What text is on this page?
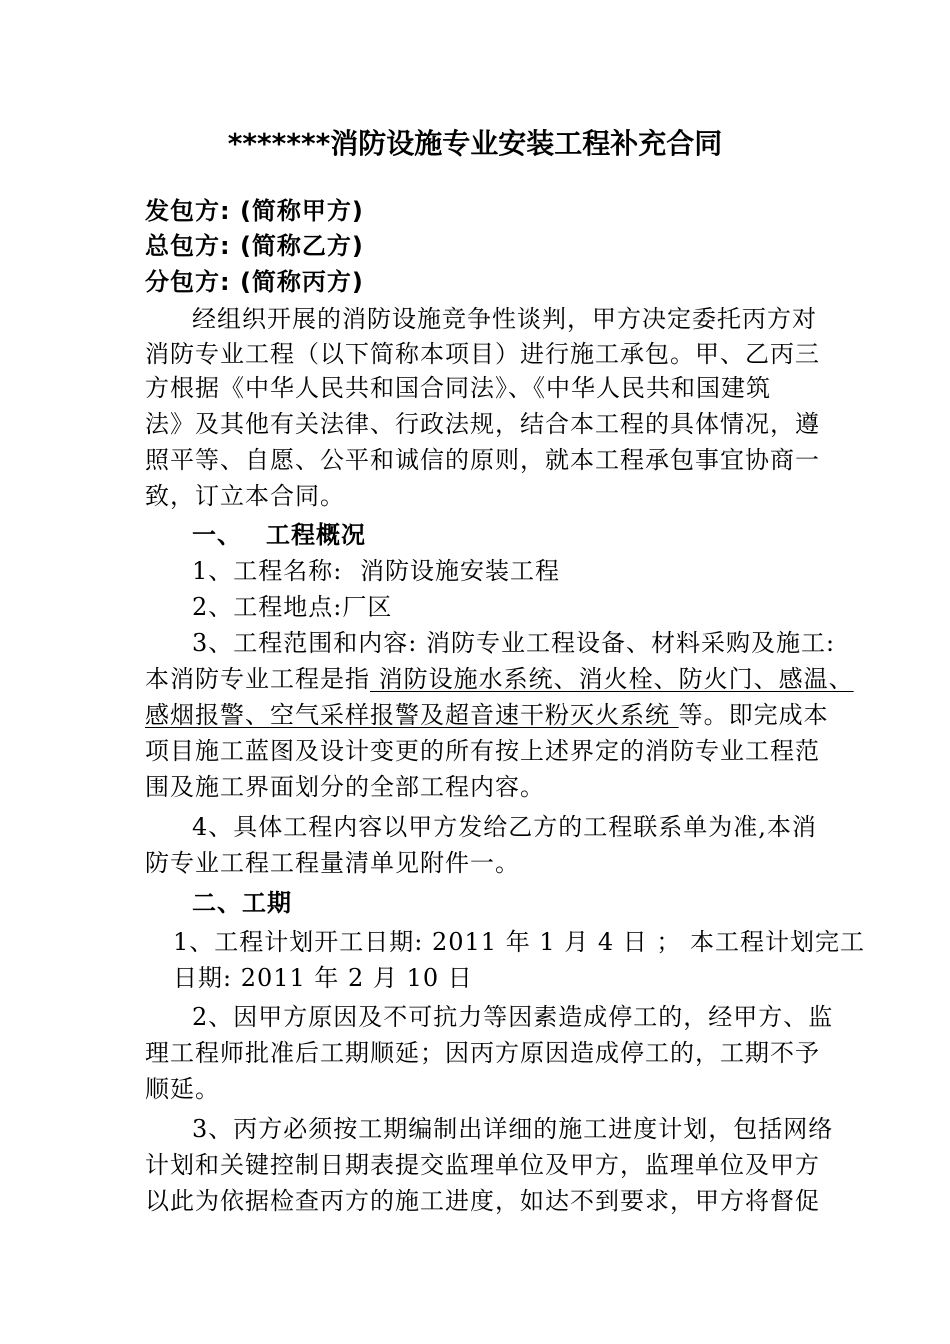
*******消防设施专业安装工程补充合同
发包方: (简称甲方)
总包方: (简称乙方)
分包方: (简称丙方)
经组织开展的消防设施竞争性谈判，甲方决定委托丙方对
消防专业工程（以下简称本项目）进行施工承包。甲、乙丙三
方根据《中华人民共和国合同法》、《中华人民共和国建筑
法》及其他有关法律、行政法规，结合本工程的具体情况，遵
照平等、自愿、公平和诚信的原则，就本工程承包事宜协商一
致，订立本合同。
一、 工程概况
1、工程名称: 消防设施安装工程
2、工程地点:厂区
3、工程范围和内容: 消防专业工程设备、材料采购及施工:
本消防专业工程是指 消防设施水系统、消火栓、防火门、感温、
感烟报警、空气采样报警及超音速干粉灭火系统 等。即完成本
项目施工蓝图及设计变更的所有按上述界定的消防专业工程范
围及施工界面划分的全部工程内容。
4、具体工程内容以甲方发给乙方的工程联系单为准,本消
防专业工程工程量清单见附件一。
二、工期
1、工程计划开工日期: 2011 年 1 月 4 日 ； 本工程计划完工
日期: 2011 年 2 月 10 日
2、因甲方原因及不可抗力等因素造成停工的，经甲方、监
理工程师批准后工期顺延；因丙方原因造成停工的，工期不予
顺延。
3、丙方必须按工期编制出详细的施工进度计划，包括网络
计划和关键控制日期表提交监理单位及甲方，监理单位及甲方
以此为依据检查丙方的施工进度，如达不到要求，甲方将督促
